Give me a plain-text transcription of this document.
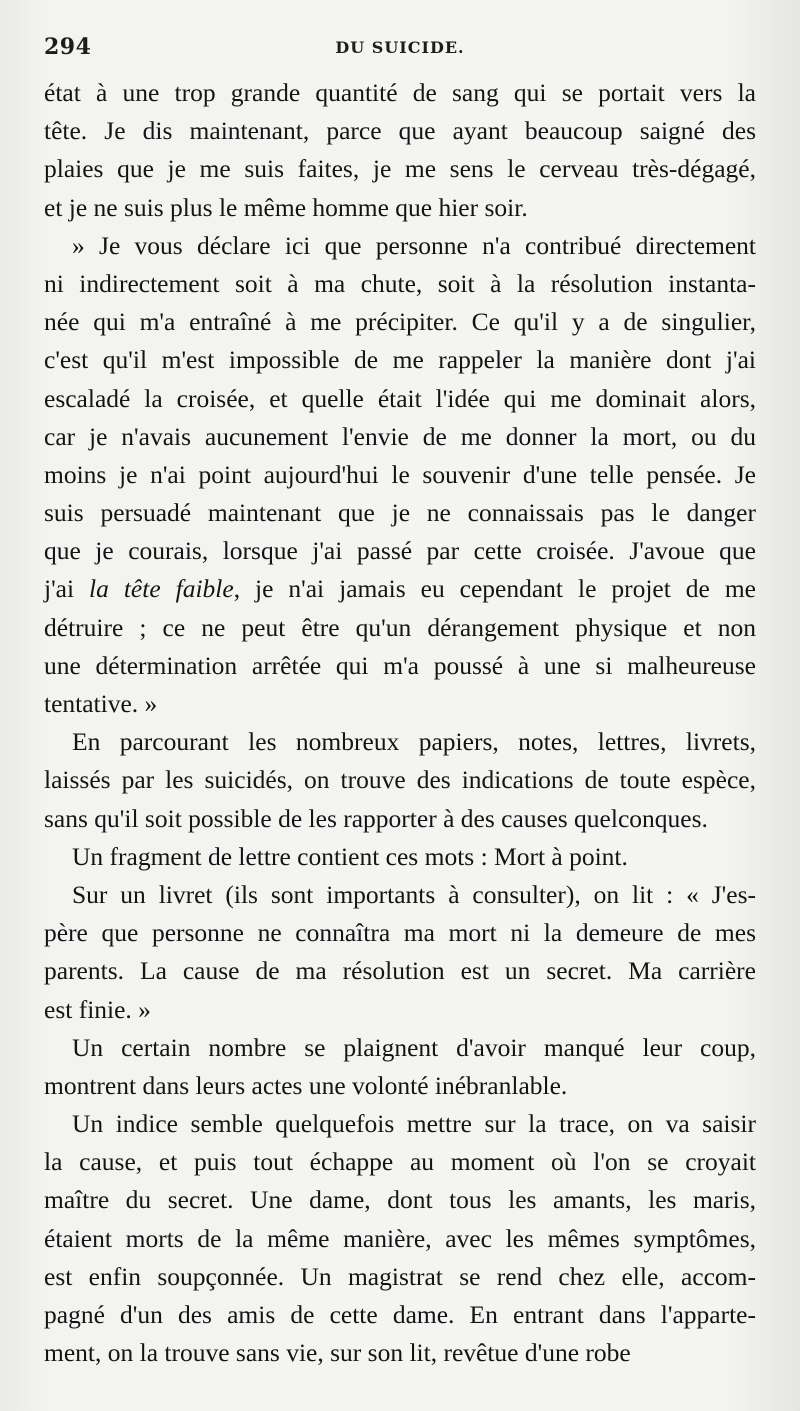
294	DU SUICIDE.
état à une trop grande quantité de sang qui se portait vers la
tête. Je dis maintenant, parce que ayant beaucoup saigné des
plaies que je me suis faites, je me sens le cerveau très-dégagé,
et je ne suis plus le même homme que hier soir.
» Je vous déclare ici que personne n'a contribué directement
ni indirectement soit à ma chute, soit à la résolution instanta-
née qui m'a entraîné à me précipiter. Ce qu'il y a de singulier,
c'est qu'il m'est impossible de me rappeler la manière dont j'ai
escaladé la croisée, et quelle était l'idée qui me dominait alors,
car je n'avais aucunement l'envie de me donner la mort, ou du
moins je n'ai point aujourd'hui le souvenir d'une telle pensée. Je
suis persuadé maintenant que je ne connaissais pas le danger
que je courais, lorsque j'ai passé par cette croisée. J'avoue que
j'ai la tête faible, je n'ai jamais eu cependant le projet de me
détruire ; ce ne peut être qu'un dérangement physique et non
une détermination arrêtée qui m'a poussé à une si malheureuse
tentative. »
En parcourant les nombreux papiers, notes, lettres, livrets,
laissés par les suicidés, on trouve des indications de toute espèce,
sans qu'il soit possible de les rapporter à des causes quelconques.
Un fragment de lettre contient ces mots : Mort à point.
Sur un livret (ils sont importants à consulter), on lit : « J'es-
père que personne ne connaîtra ma mort ni la demeure de mes
parents. La cause de ma résolution est un secret. Ma carrière
est finie. »
Un certain nombre se plaignent d'avoir manqué leur coup,
montrent dans leurs actes une volonté inébranlable.
Un indice semble quelquefois mettre sur la trace, on va saisir
la cause, et puis tout échappe au moment où l'on se croyait
maître du secret. Une dame, dont tous les amants, les maris,
étaient morts de la même manière, avec les mêmes symptômes,
est enfin soupçonnée. Un magistrat se rend chez elle, accom-
pagné d'un des amis de cette dame. En entrant dans l'apparte-
ment, on la trouve sans vie, sur son lit, revêtue d'une robe
